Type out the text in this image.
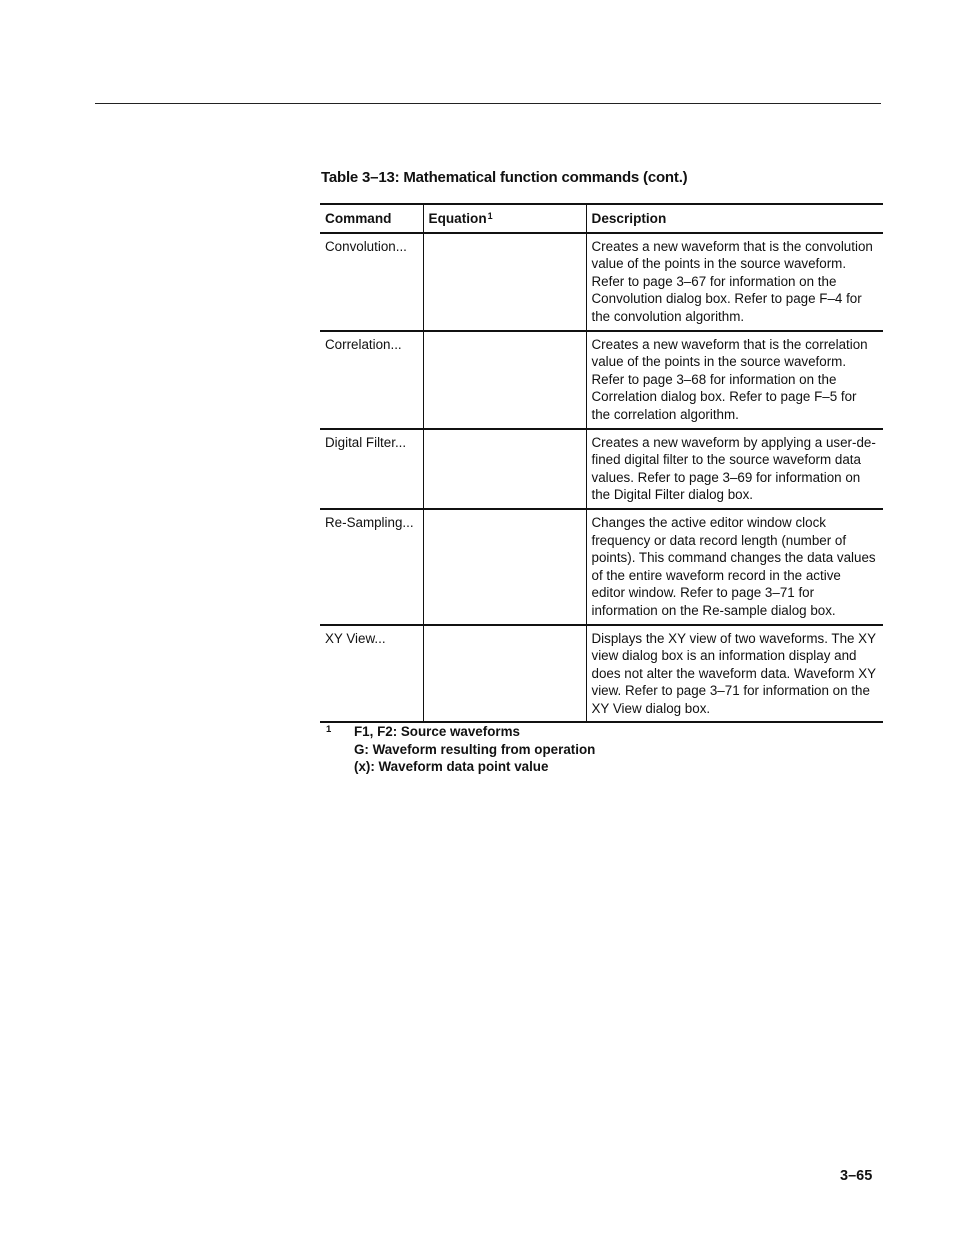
Table 3–13: Mathematical function commands (cont.)
Command	Equation$^1$	Description
Convolution...		Creates a new waveform that is the convolution value of the points in the source waveform. Refer to page 3–67 for information on the Convolution dialog box. Refer to page F–4 for the convolution algorithm.
Correlation...		Creates a new waveform that is the correlation value of the points in the source waveform. Refer to page 3–68 for information on the Correlation dialog box. Refer to page F–5 for the correlation algorithm.
Digital Filter...		Creates a new waveform by applying a user-de-fined digital filter to the source waveform data values. Refer to page 3–69 for information on the Digital Filter dialog box.
Re-Sampling...		Changes the active editor window clock frequency or data record length (number of points). This command changes the data values of the entire waveform record in the active editor window. Refer to page 3–71 for information on the Re-sample dialog box.
XY View...		Displays the XY view of two waveforms. The XY view dialog box is an information display and does not alter the waveform data. Waveform XY view. Refer to page 3–71 for information on the XY View dialog box.
1 F1, F2: Source waveforms
G: Waveform resulting from operation
(x): Waveform data point value
3–65
